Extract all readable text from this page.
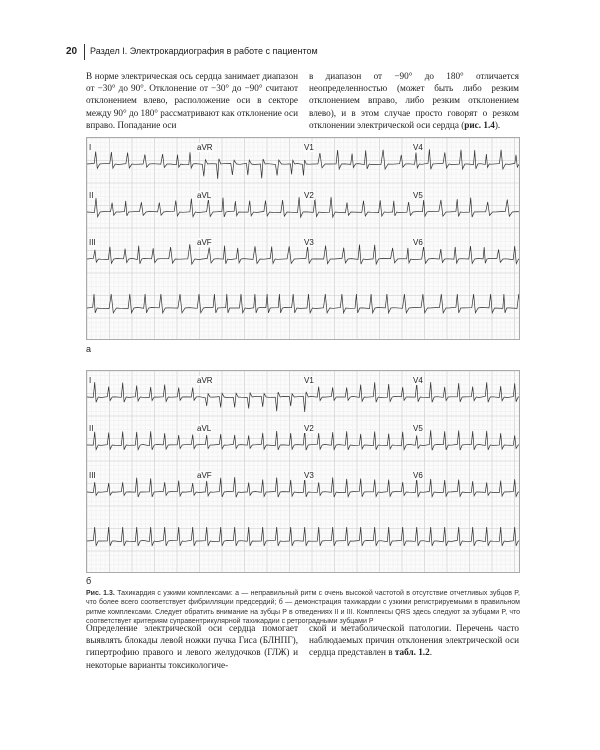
20 Раздел I. Электрокардиография в работе с пациентом

В норме электрическая ось сердца занимает диапазон от −30° до 90°. Отклонение от −30° до −90° считают отклонением влево, расположение оси в секторе между 90° до 180° рассматривают как отклонение оси вправо. Попадание оси

в диапазон от −90° до 180° отличается неопределенностью (может быть либо резким отклонением вправо, либо резким отклонением влево), и в этом случае просто говорят о резком отклонении электрической оси сердца (рис. 1.4).

а
I
II
III
aVR
aVL
aVF
V1
V2
V3
V4
V5
V6
б
I
II
III
aVR
aVL
aVF
V1
V2
V3
V4
V5
V6

Рис. 1.3. Тахикардия с узкими комплексами: а — неправильный ритм с очень высокой частотой в отсутствие отчетливых зубцов P, что более всего соответствует фибрилляции предсердий; б — демонстрация тахикардии с узкими регистрируемыми в правильном ритме комплексами. Следует обратить внимание на зубцы P в отведениях II и III. Комплексы QRS здесь следуют за зубцами P, что соответствует критериям суправентрикулярной тахикардии с ретроградными зубцами P

Определение электрической оси сердца помогает выявлять блокады левой ножки пучка Гиса (БЛНПГ), гипертрофию правого и левого желудочков (ГЛЖ) и некоторые варианты токсикологиче-

ской и метаболической патологии. Перечень часто наблюдаемых причин отклонения электрической оси сердца представлен в табл. 1.2.
